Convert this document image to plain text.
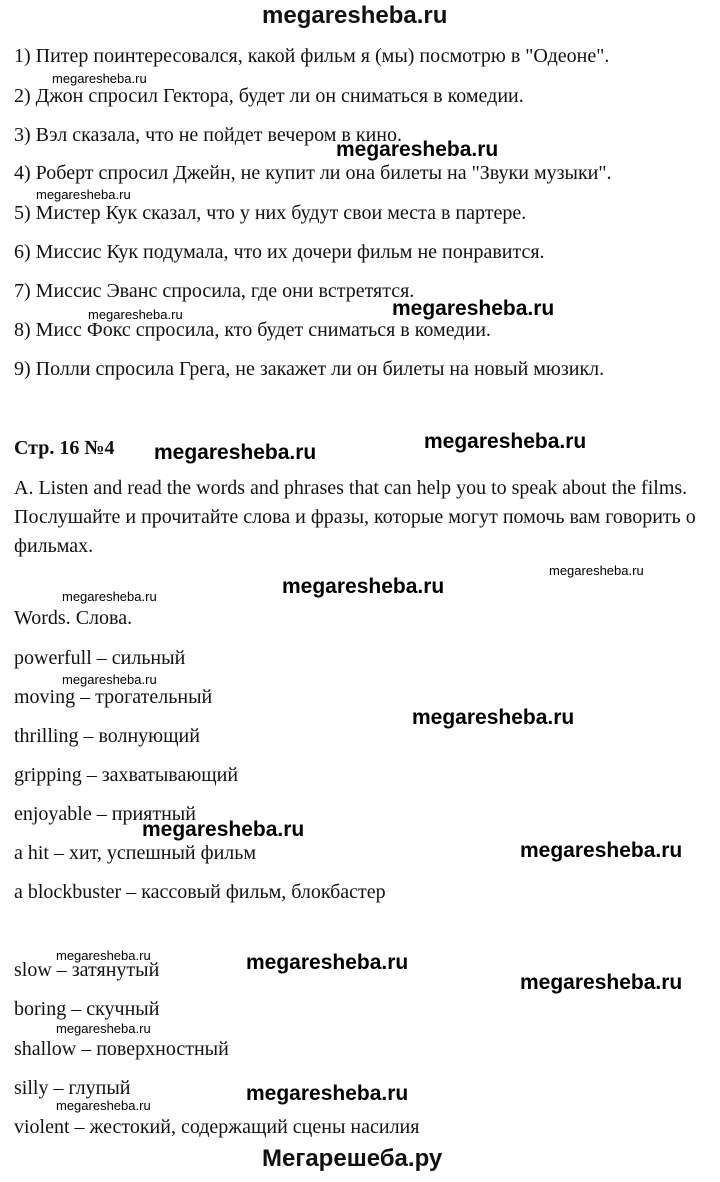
megaresheba.ru
1) Питер поинтересовался, какой фильм я (мы) посмотрю в "Одеоне".
2) Джон спросил Гектора, будет ли он сниматься в комедии.
3) Вэл сказала, что не пойдет вечером в кино.
4) Роберт спросил Джейн, не купит ли она билеты на "Звуки музыки".
5) Мистер Кук сказал, что у них будут свои места в партере.
6) Миссис Кук подумала, что их дочери фильм не понравится.
7) Миссис Эванс спросила, где они встретятся.
8) Мисс Фокс спросила, кто будет сниматься в комедии.
9) Полли спросила Грега, не закажет ли он билеты на новый мюзикл.
Стр. 16 №4
A. Listen and read the words and phrases that can help you to speak about the films. Послушайте и прочитайте слова и фразы, которые могут помочь вам говорить о фильмах.
Words. Слова.
powerfull – сильный
moving – трогательный
thrilling – волнующий
gripping – захватывающий
enjoyable – приятный
a hit – хит, успешный фильм
a blockbuster – кассовый фильм, блокбастер
slow – затянутый
boring – скучный
shallow – поверхностный
silly – глупый
violent – жестокий, содержащий сцены насилия
megaresheba.ru
megaresheba.ru
megaresheba.ru
megaresheba.ru
megaresheba.ru
megaresheba.ru
megaresheba.ru
megaresheba.ru
megaresheba.ru
megaresheba.ru
megaresheba.ru
megaresheba.ru
megaresheba.ru
megaresheba.ru
megaresheba.ru
megaresheba.ru
megaresheba.ru
megaresheba.ru
megaresheba.ru
megaresheba.ru
Мегарешеба.ру
